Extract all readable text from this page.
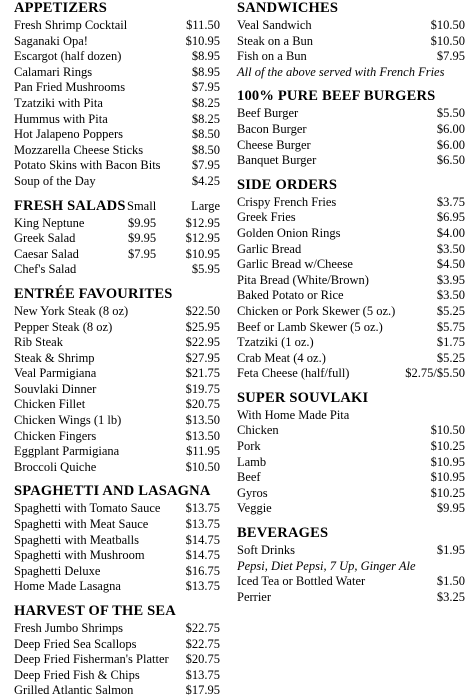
APPETIZERS
Fresh Shrimp Cocktail	$11.50
Saganaki Opa!	$10.95
Escargot (half dozen)	$8.95
Calamari Rings	$8.95
Pan Fried Mushrooms	$7.95
Tzatziki with Pita	$8.25
Hummus with Pita	$8.25
Hot Jalapeno Poppers	$8.50
Mozzarella Cheese Sticks	$8.50
Potato Skins with Bacon Bits	$7.95
Soup of the Day	$4.25
FRESH SALADS Small	Large
King Neptune	$9.95	$12.95
Greek Salad	$9.95	$12.95
Caesar Salad	$7.95	$10.95
Chef's Salad	$5.95
ENTRÉE FAVOURITES
New York Steak (8 oz)	$22.50
Pepper Steak (8 oz)	$25.95
Rib Steak	$22.95
Steak & Shrimp	$27.95
Veal Parmigiana	$21.75
Souvlaki Dinner	$19.75
Chicken Fillet	$20.75
Chicken Wings (1 lb)	$13.50
Chicken Fingers	$13.50
Eggplant Parmigiana	$11.95
Broccoli Quiche	$10.50
SPAGHETTI AND LASAGNA
Spaghetti with Tomato Sauce $13.75
Spaghetti with Meat Sauce	$13.75
Spaghetti with Meatballs	$14.75
Spaghetti with Mushroom	$14.75
Spaghetti Deluxe	$16.75
Home Made Lasagna	$13.75
HARVEST OF THE SEA
Fresh Jumbo Shrimps	$22.75
Deep Fried Sea Scallops	$22.75
Deep Fried Fisherman's Platter $20.75
Deep Fried Fish & Chips	$13.75
Grilled Atlantic Salmon	$17.95
SANDWICHES
Veal Sandwich	$10.50
Steak on a Bun	$10.50
Fish on a Bun	$7.95
All of the above served with French Fries
100% PURE BEEF BURGERS
Beef Burger	$5.50
Bacon Burger	$6.00
Cheese Burger	$6.00
Banquet Burger	$6.50
SIDE ORDERS
Crispy French Fries	$3.75
Greek Fries	$6.95
Golden Onion Rings	$4.00
Garlic Bread	$3.50
Garlic Bread w/Cheese	$4.50
Pita Bread (White/Brown)	$3.95
Baked Potato or Rice	$3.50
Chicken or Pork Skewer (5 oz.)	$5.25
Beef or Lamb Skewer (5 oz.)	$5.75
Tzatziki (1 oz.)	$1.75
Crab Meat (4 oz.)	$5.25
Feta Cheese (half/full)	$2.75/$5.50
SUPER SOUVLAKI
With Home Made Pita
Chicken	$10.50
Pork	$10.25
Lamb	$10.95
Beef	$10.95
Gyros	$10.25
Veggie	$9.95
BEVERAGES
Soft Drinks	$1.95
Pepsi, Diet Pepsi, 7 Up, Ginger Ale
Iced Tea or Bottled Water	$1.50
Perrier	$3.25
